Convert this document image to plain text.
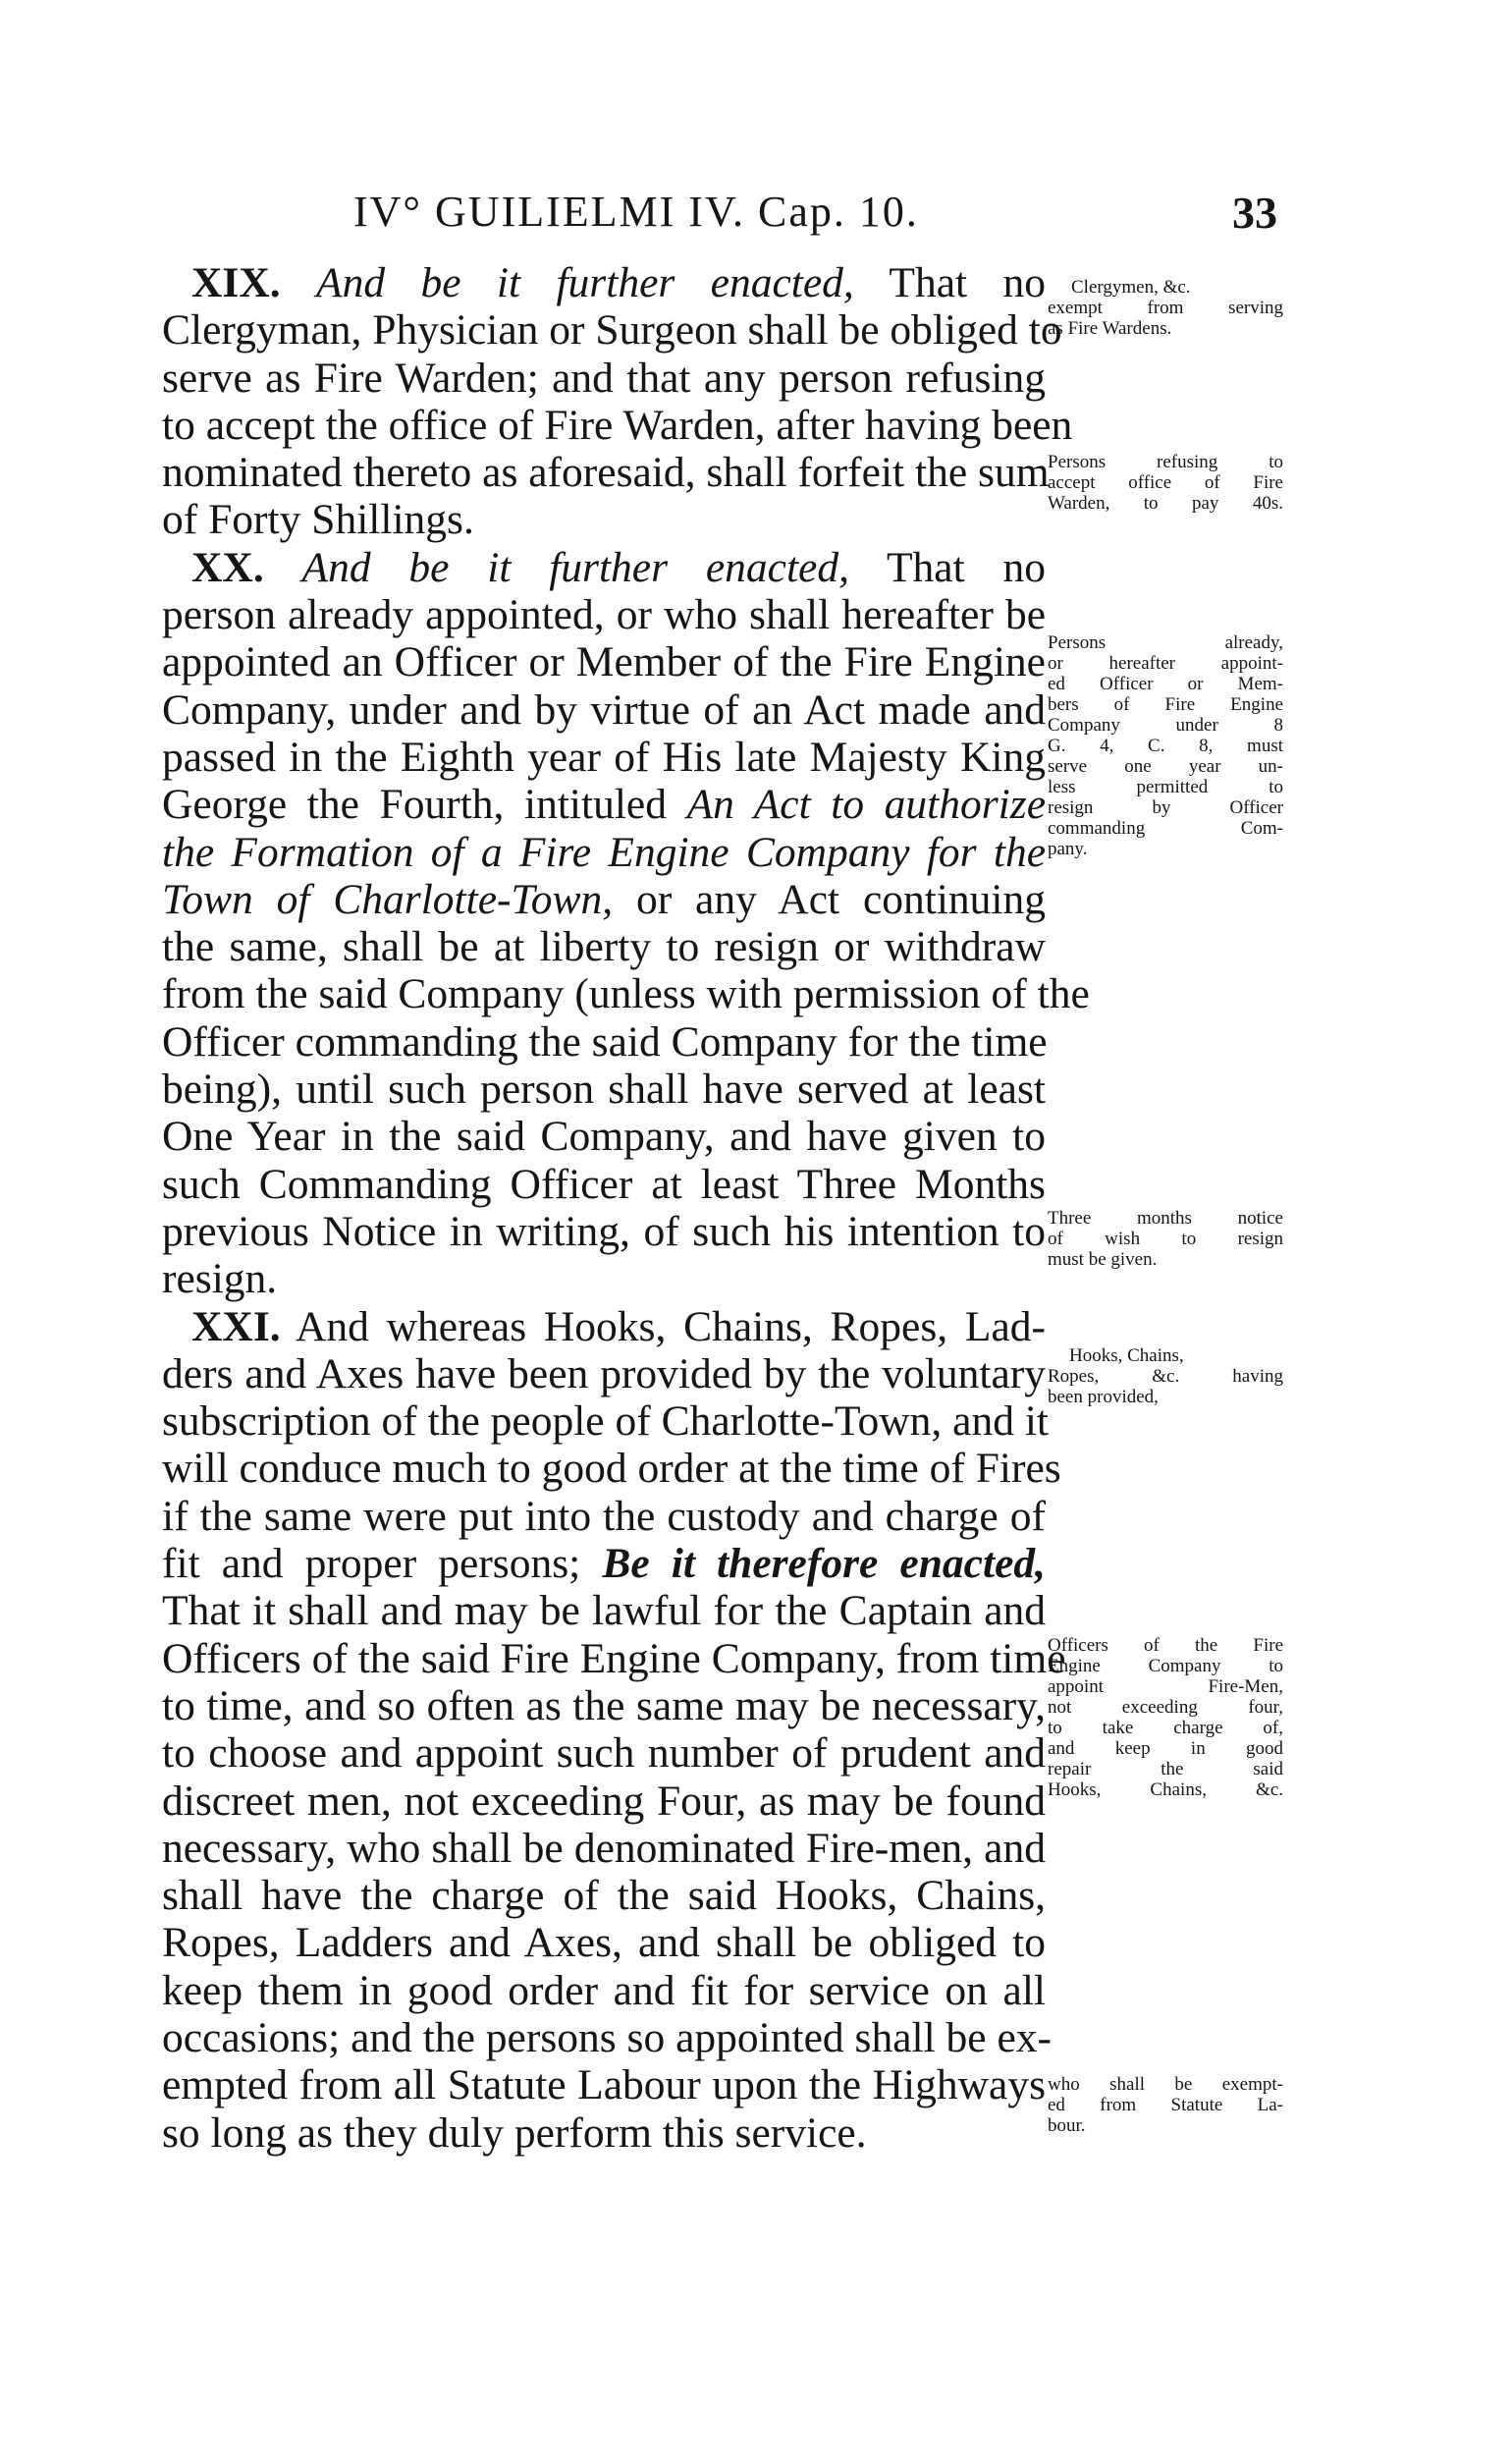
IV° GUILIELMI IV. Cap. 10.	33
XIX. And be it further enacted, That no
Clergyman, Physician or Surgeon shall be obliged to
serve as Fire Warden; and that any person refusing
to accept the office of Fire Warden, after having been
nominated thereto as aforesaid, shall forfeit the sum
of Forty Shillings.
XX. And be it further enacted, That no
person already appointed, or who shall hereafter be
appointed an Officer or Member of the Fire Engine
Company, under and by virtue of an Act made and
passed in the Eighth year of His late Majesty King
George the Fourth, intituled An Act to authorize
the Formation of a Fire Engine Company for the
Town of Charlotte-Town, or any Act continuing
the same, shall be at liberty to resign or withdraw
from the said Company (unless with permission of the
Officer commanding the said Company for the time
being), until such person shall have served at least
One Year in the said Company, and have given to
such Commanding Officer at least Three Months
previous Notice in writing, of such his intention to
resign.
XXI. And whereas Hooks, Chains, Ropes, Lad-
ders and Axes have been provided by the voluntary
subscription of the people of Charlotte-Town, and it
will conduce much to good order at the time of Fires
if the same were put into the custody and charge of
fit and proper persons; Be it therefore enacted,
That it shall and may be lawful for the Captain and
Officers of the said Fire Engine Company, from time
to time, and so often as the same may be necessary,
to choose and appoint such number of prudent and
discreet men, not exceeding Four, as may be found
necessary, who shall be denominated Fire-men, and
shall have the charge of the said Hooks, Chains,
Ropes, Ladders and Axes, and shall be obliged to
keep them in good order and fit for service on all
occasions; and the persons so appointed shall be ex-
empted from all Statute Labour upon the Highways
so long as they duly perform this service.
Clergymen, &c.
exempt from serving
as Fire Wardens.
Persons refusing to
accept office of Fire
Warden, to pay 40s.
Persons already,
or hereafter appoint-
ed Officer or Mem-
bers of Fire Engine
Company under 8
G. 4, C. 8, must
serve one year un-
less permitted to
resign by Officer
commanding Com-
pany.
Three months notice
of wish to resign
must be given.
Hooks, Chains,
Ropes, &c. having
been provided,
Officers of the Fire
Engine Company to
appoint Fire-Men,
not exceeding four,
to take charge of,
and keep in good
repair the said
Hooks, Chains, &c.
who shall be exempt-
ed from Statute La-
bour.
